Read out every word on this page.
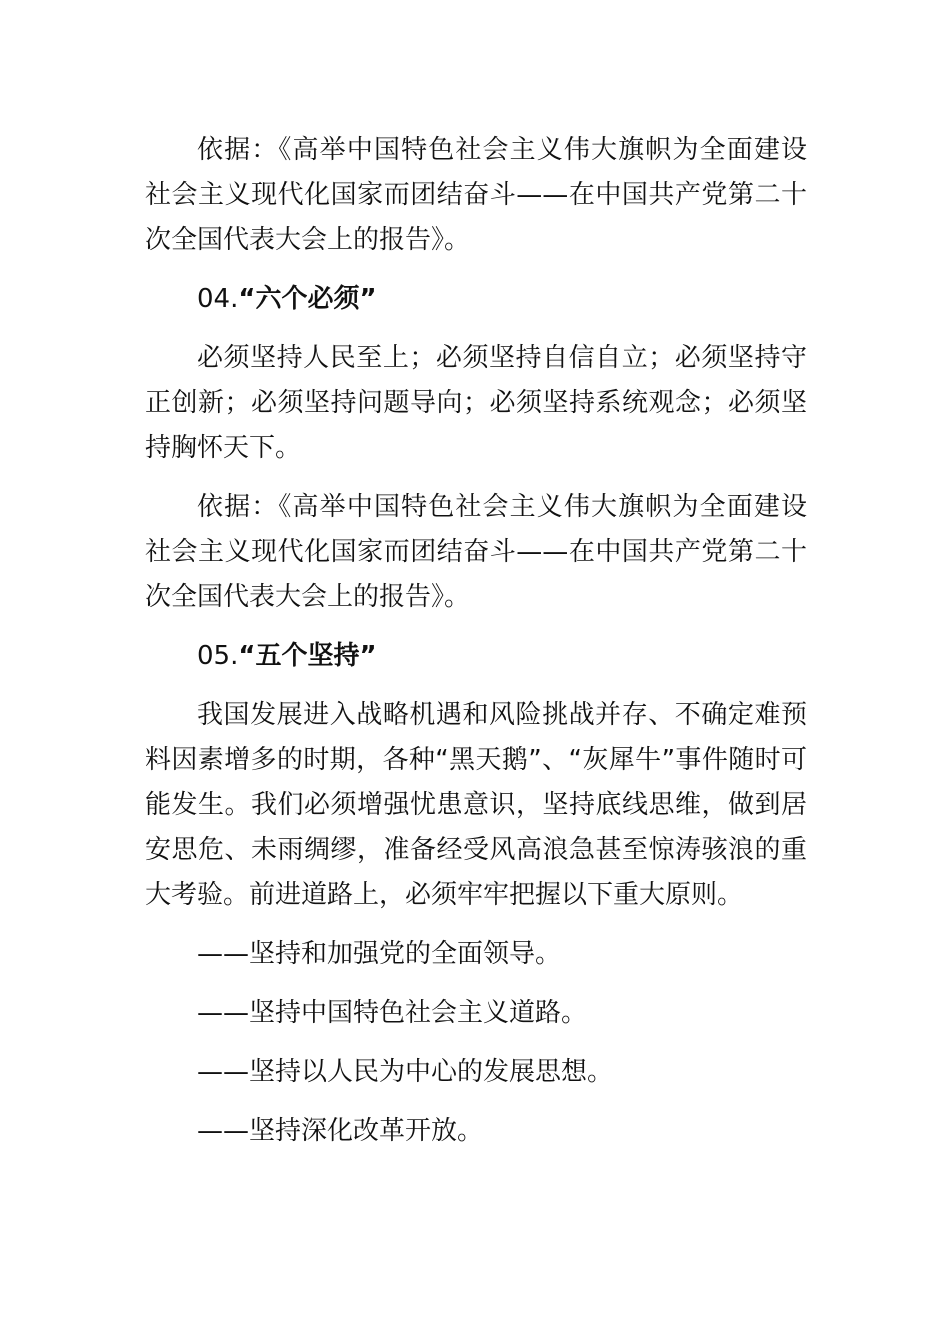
依据：《高举中国特色社会主义伟大旗帜为全面建设社会主义现代化国家而团结奋斗——在中国共产党第二十次全国代表大会上的报告》。

04.“六个必须”

必须坚持人民至上；必须坚持自信自立；必须坚持守正创新；必须坚持问题导向；必须坚持系统观念；必须坚持胸怀天下。

依据：《高举中国特色社会主义伟大旗帜为全面建设社会主义现代化国家而团结奋斗——在中国共产党第二十次全国代表大会上的报告》。

05.“五个坚持”

我国发展进入战略机遇和风险挑战并存、不确定难预料因素增多的时期，各种“黑天鹅”、“灰犀牛”事件随时可能发生。我们必须增强忧患意识，坚持底线思维，做到居安思危、未雨绸缪，准备经受风高浪急甚至惊涛骇浪的重大考验。前进道路上，必须牢牢把握以下重大原则。

——坚持和加强党的全面领导。

——坚持中国特色社会主义道路。

——坚持以人民为中心的发展思想。

——坚持深化改革开放。
